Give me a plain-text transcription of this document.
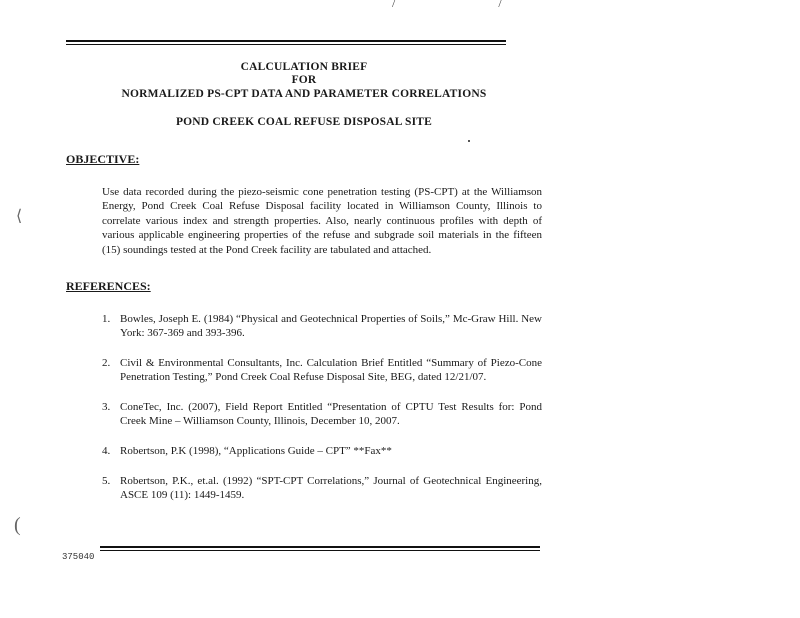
/ /
CALCULATION BRIEF
FOR
NORMALIZED PS-CPT DATA AND PARAMETER CORRELATIONS
POND CREEK COAL REFUSE DISPOSAL SITE
OBJECTIVE:
Use data recorded during the piezo-seismic cone penetration testing (PS-CPT) at the Williamson Energy, Pond Creek Coal Refuse Disposal facility located in Williamson County, Illinois to correlate various index and strength properties. Also, nearly continuous profiles with depth of various applicable engineering properties of the refuse and subgrade soil materials in the fifteen (15) soundings tested at the Pond Creek facility are tabulated and attached.
⟨
REFERENCES:
1. Bowles, Joseph E. (1984) “Physical and Geotechnical Properties of Soils,” Mc-Graw Hill. New York: 367-369 and 393-396.
2. Civil & Environmental Consultants, Inc. Calculation Brief Entitled “Summary of Piezo-Cone Penetration Testing,” Pond Creek Coal Refuse Disposal Site, BEG, dated 12/21/07.
3. ConeTec, Inc. (2007), Field Report Entitled “Presentation of CPTU Test Results for: Pond Creek Mine – Williamson County, Illinois, December 10, 2007.
4. Robertson, P.K (1998), “Applications Guide – CPT” **Fax**
5. Robertson, P.K., et.al. (1992) “SPT-CPT Correlations,” Journal of Geotechnical Engineering, ASCE 109 (11): 1449-1459.
(
375040
